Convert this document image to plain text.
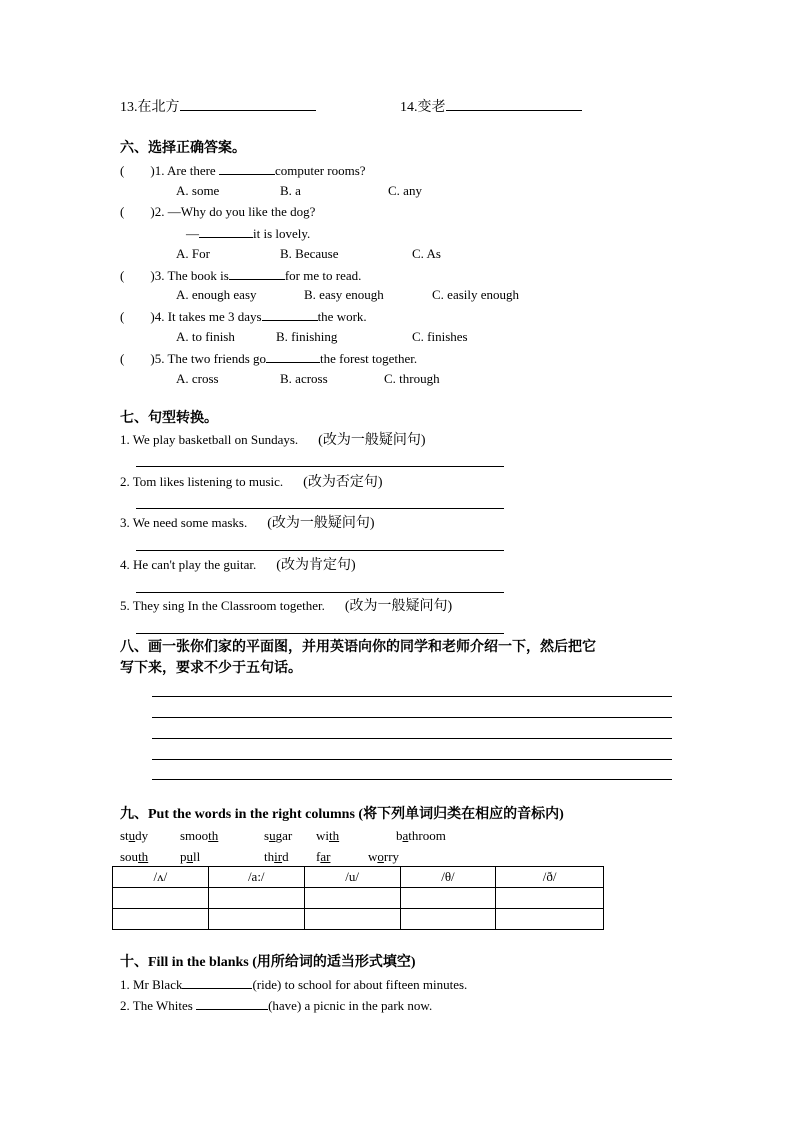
13.在北方	14.变老
六、选择正确答案。
( )1. Are there	computer rooms?
A. some	B. a	C. any
( )2. —Why do you like the dog?
—	it is lovely.
A. For	B. Because	C. As
( )3. The book is	for me to read.
A. enough easy	B. easy enough	C. easily enough
( )4. It takes me 3 days	the work.
A. to finish	B. finishing	C. finishes
( )5. The two friends go	the forest together.
A. cross	B. across	C. through
七、句型转换。
1. We play basketball on Sundays. (改为一般疑问句)
2. Tom likes listening to music. (改为否定句)
3. We need some masks. (改为一般疑问句)
4. He can't play the guitar. (改为肯定句)
5. They sing In the Classroom together. (改为一般疑问句)
八、画一张你们家的平面图，并用英语向你的同学和老师介绍一下，然后把它
写下来，要求不少于五句话。
九、Put the words in the right columns (将下列单词归类在相应的音标内)
study smooth	sugar with	bathroom
south pull	third far	worry
/ʌ/	/a:/	/u/	/θ/	/ð/

十、Fill in the blanks (用所给词的适当形式填空)
1. Mr Black	(ride) to school for about fifteen minutes.
2. The Whites	(have) a picnic in the park now.
